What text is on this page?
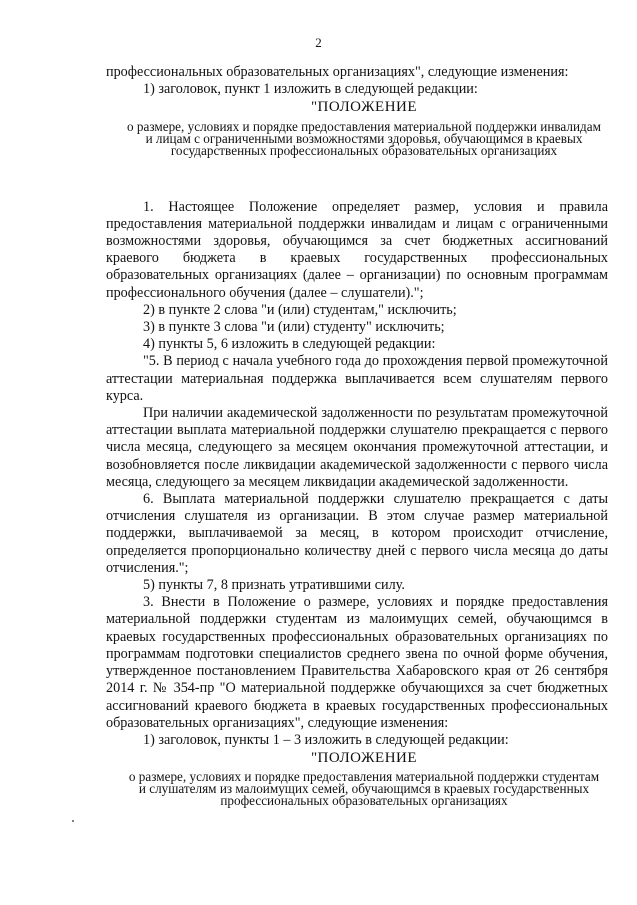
2
профессиональных образовательных организациях", следующие изменения:
1) заголовок, пункт 1 изложить в следующей редакции:
"ПОЛОЖЕНИЕ
о размере, условиях и порядке предоставления материальной поддержки инвалидам и лицам с ограниченными возможностями здоровья, обучающимся в краевых государственных профессиональных образовательных организациях
1. Настоящее Положение определяет размер, условия и правила предоставления материальной поддержки инвалидам и лицам с ограниченными возможностями здоровья, обучающимся за счет бюджетных ассигнований краевого бюджета в краевых государственных профессиональных образовательных организациях (далее – организации) по основным программам профессионального обучения (далее – слушатели).";
2) в пункте 2 слова "и (или) студентам," исключить;
3) в пункте 3 слова "и (или) студенту" исключить;
4) пункты 5, 6 изложить в следующей редакции:
"5. В период с начала учебного года до прохождения первой промежуточной аттестации материальная поддержка выплачивается всем слушателям первого курса.
При наличии академической задолженности по результатам промежуточной аттестации выплата материальной поддержки слушателю прекращается с первого числа месяца, следующего за месяцем окончания промежуточной аттестации, и возобновляется после ликвидации академической задолженности с первого числа месяца, следующего за месяцем ликвидации академической задолженности.
6. Выплата материальной поддержки слушателю прекращается с даты отчисления слушателя из организации. В этом случае размер материальной поддержки, выплачиваемой за месяц, в котором происходит отчисление, определяется пропорционально количеству дней с первого числа месяца до даты отчисления.";
5) пункты 7, 8 признать утратившими силу.
3. Внести в Положение о размере, условиях и порядке предоставления материальной поддержки студентам из малоимущих семей, обучающимся в краевых государственных профессиональных образовательных организациях по программам подготовки специалистов среднего звена по очной форме обучения, утвержденное постановлением Правительства Хабаровского края от 26 сентября 2014 г. № 354-пр "О материальной поддержке обучающихся за счет бюджетных ассигнований краевого бюджета в краевых государственных профессиональных образовательных организациях", следующие изменения:
1) заголовок, пункты 1 – 3 изложить в следующей редакции:
"ПОЛОЖЕНИЕ
о размере, условиях и порядке предоставления материальной поддержки студентам и слушателям из малоимущих семей, обучающимся в краевых государственных профессиональных образовательных организациях
